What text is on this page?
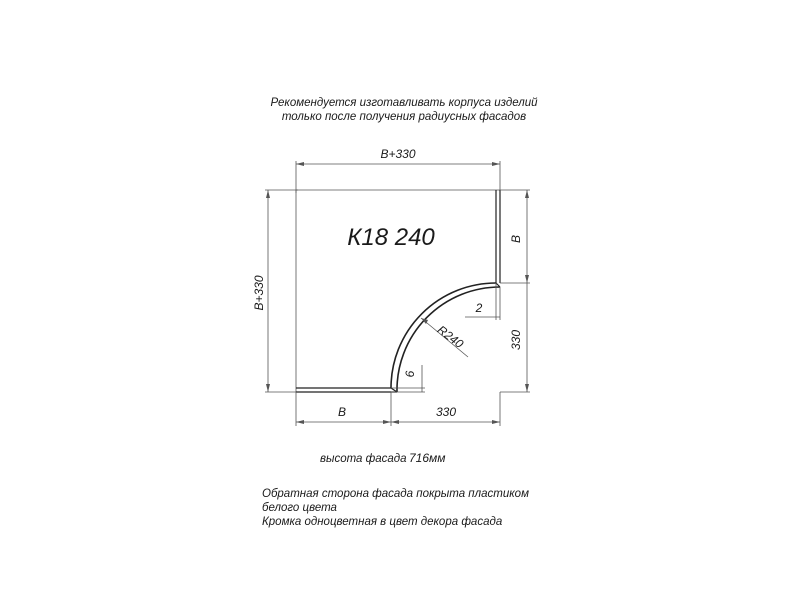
Рекомендуется изготавливать корпуса изделий
только после получения радиусных фасадов
B+330
B+330
К18 240	B
330
2
R240
6
B	330
высота фасада 716мм
Обратная сторона фасада покрыта пластиком
белого цвета
Кромка одноцветная в цвет декора фасада
